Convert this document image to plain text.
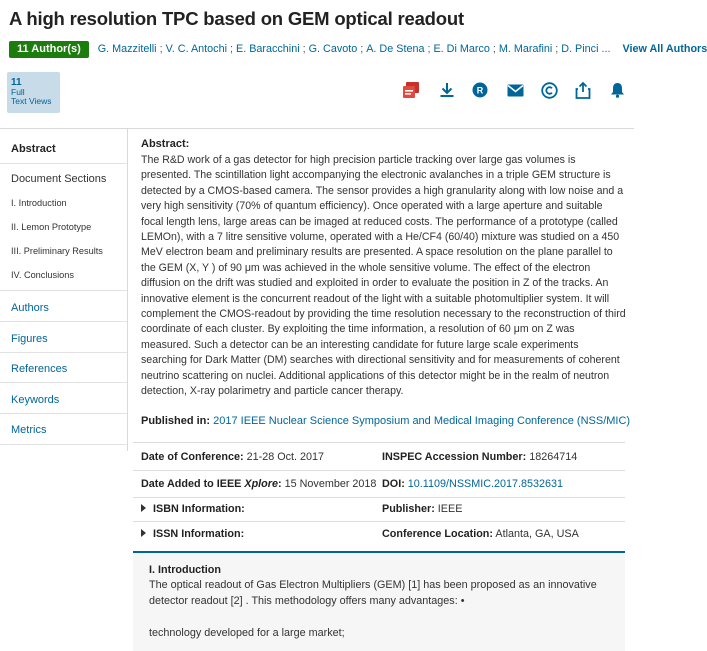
A high resolution TPC based on GEM optical readout
11 Author(s)	G. Mazzitelli ; V. C. Antochi ; E. Baracchini ; G. Cavoto ; A. De Stena ; E. Di Marco ; M. Marafini ; D. Pinci ... View All Authors
11
Full
Text Views
R
Abstract
Document Sections
I. Introduction
II. Lemon Prototype
III. Preliminary Results
IV. Conclusions
Authors
Figures
References
Keywords
Metrics
Abstract:
The R&D work of a gas detector for high precision particle tracking over large gas volumes is presented. The scintillation light accompanying the electronic avalanches in a triple GEM structure is detected by a CMOS-based camera. The sensor provides a high granularity along with low noise and a very high sensitivity (70% of quantum efficiency). Once operated with a large aperture and suitable focal length lens, large areas can be imaged at reduced costs. The performance of a prototype (called LEMOn), with a 7 litre sensitive volume, operated with a He/CF4 (60/40) mixture was studied on a 450 MeV electron beam and preliminary results are presented. A space resolution on the plane parallel to the GEM (X, Y ) of 90 μm was achieved in the whole sensitive volume. The effect of the electron diffusion on the drift was studied and exploited in order to evaluate the position in Z of the tracks. An innovative element is the concurrent readout of the light with a suitable photomultiplier system. It will complement the CMOS-readout by providing the time resolution necessary to the reconstruction of third coordinate of each cluster. By exploiting the time information, a resolution of 60 μm on Z was measured. Such a detector can be an interesting candidate for future large scale experiments searching for Dark Matter (DM) searches with directional sensitivity and for measurements of coherent neutrino scattering on nuclei. Additional applications of this detector might be in the realm of neutron detection, X-ray polarimetry and particle cancer therapy.
Published in: 2017 IEEE Nuclear Science Symposium and Medical Imaging Conference (NSS/MIC)
Date of Conference: 21-28 Oct. 2017	INSPEC Accession Number: 18264714
Date Added to IEEE Xplore: 15 November 2018 DOI: 10.1109/NSSMIC.2017.8532631
ISBN Information:	Publisher: IEEE
ISSN Information:	Conference Location: Atlanta, GA, USA
I. Introduction
The optical readout of Gas Electron Multipliers (GEM) [1] has been proposed as an innovative detector readout [2] . This methodology offers many advantages: •
technology developed for a large market;
